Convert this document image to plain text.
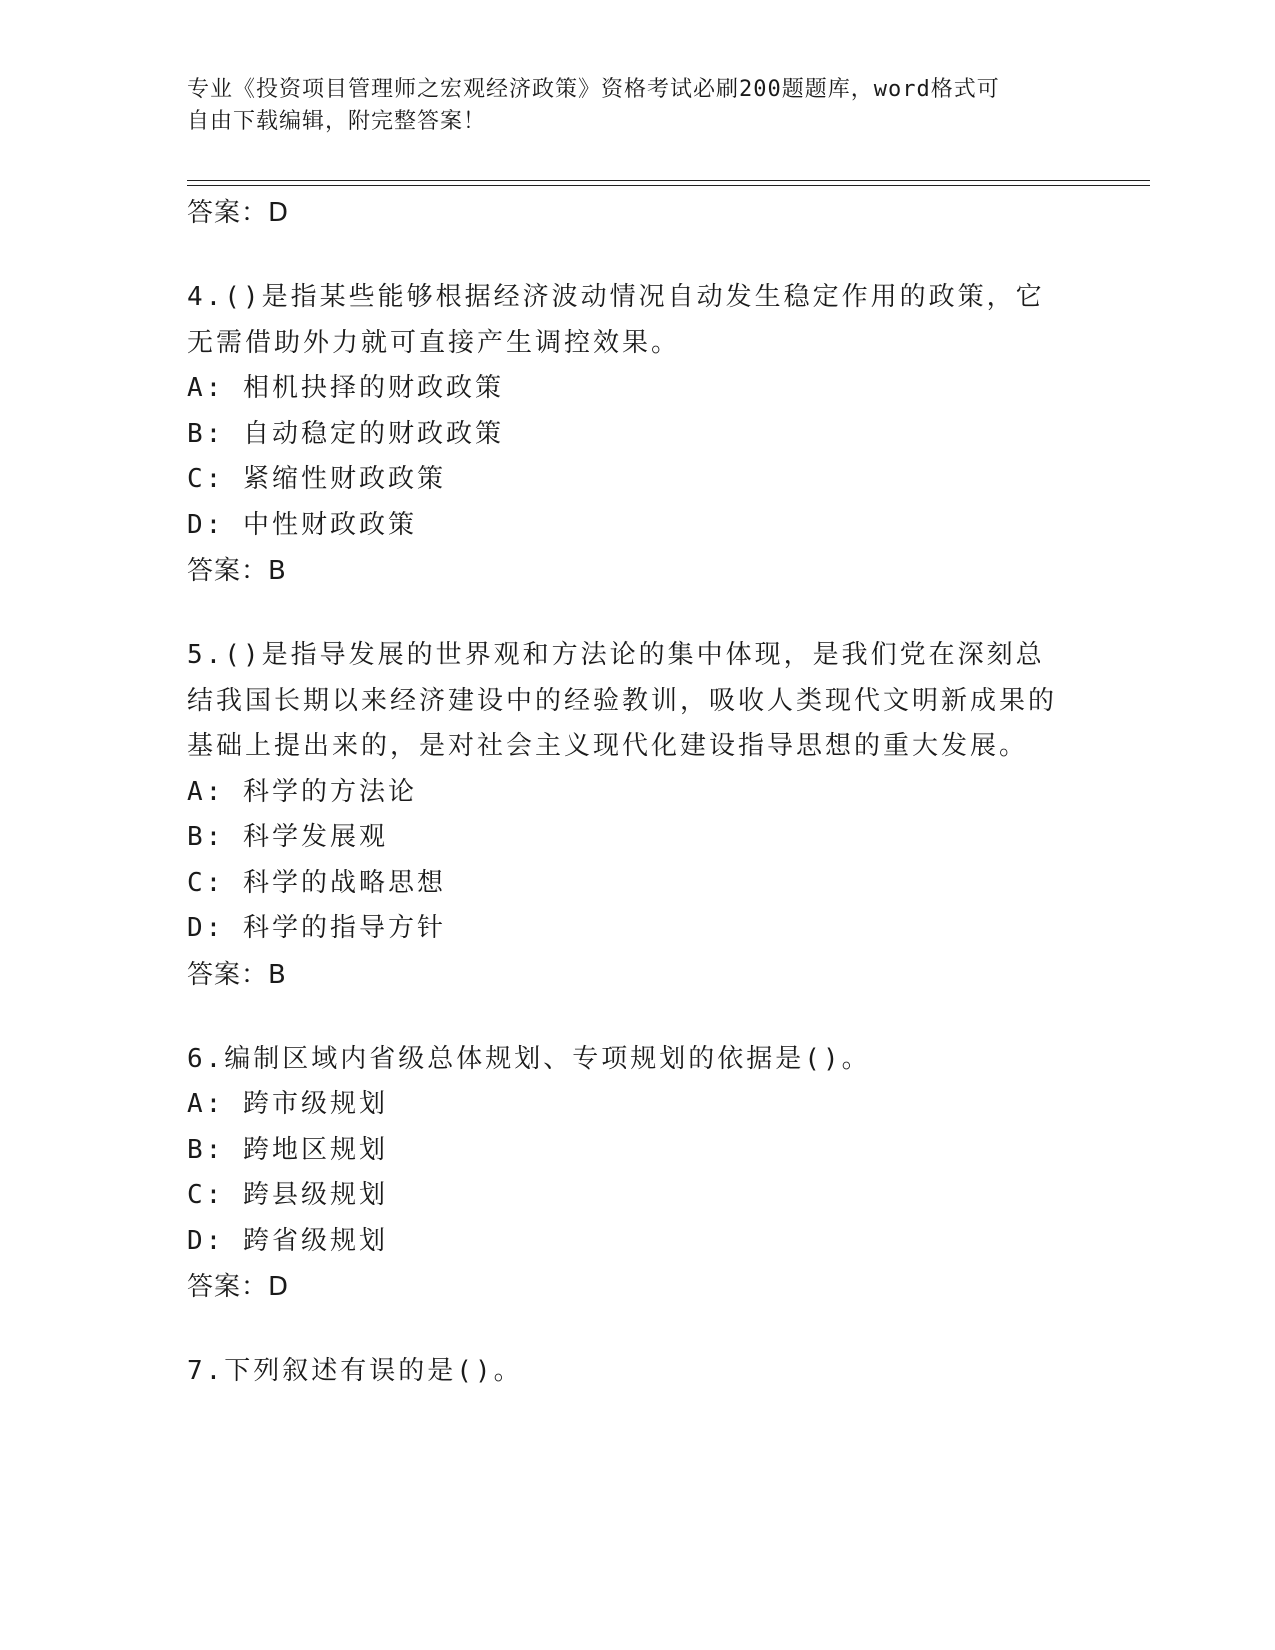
专业《投资项目管理师之宏观经济政策》资格考试必刷200题题库，word格式可
自由下载编辑，附完整答案！

答案：D

4.()是指某些能够根据经济波动情况自动发生稳定作用的政策，它无需借助外力就可直接产生调控效果。

A: 相机抉择的财政政策

B: 自动稳定的财政政策

C: 紧缩性财政政策

D: 中性财政政策

答案：B

5.()是指导发展的世界观和方法论的集中体现，是我们党在深刻总结我国长期以来经济建设中的经验教训，吸收人类现代文明新成果的基础上提出来的，是对社会主义现代化建设指导思想的重大发展。

A: 科学的方法论

B: 科学发展观

C: 科学的战略思想

D: 科学的指导方针

答案：B

6.编制区域内省级总体规划、专项规划的依据是()。

A: 跨市级规划

B: 跨地区规划

C: 跨县级规划

D: 跨省级规划

答案：D

7.下列叙述有误的是()。
